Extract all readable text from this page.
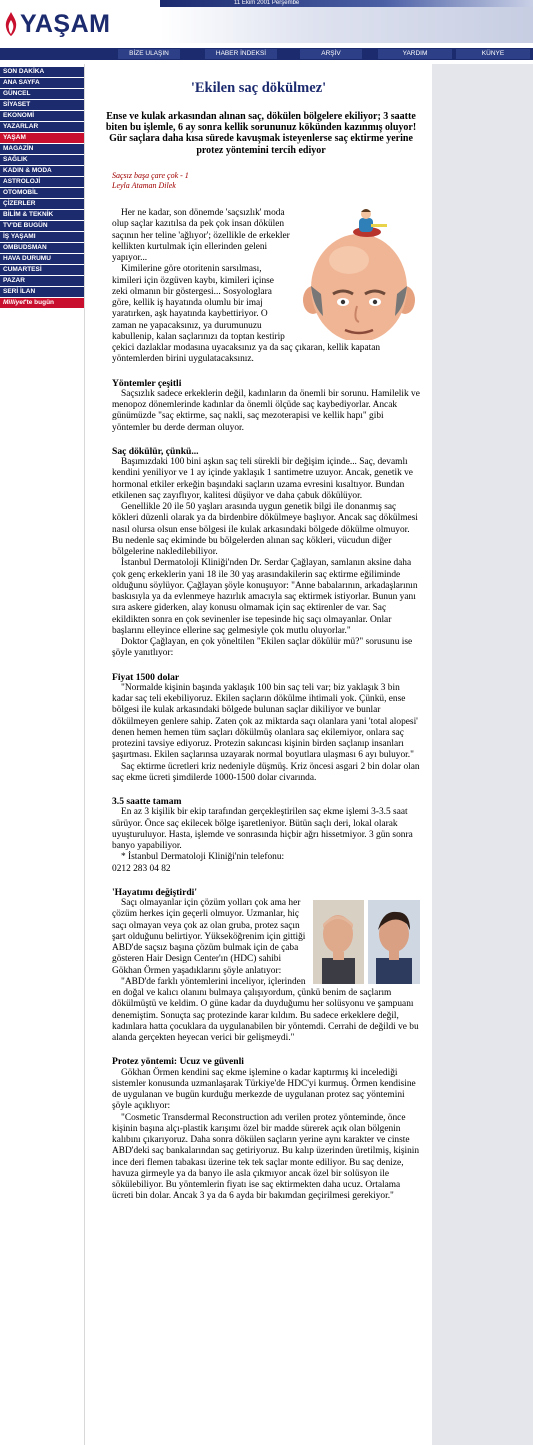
YAŞAM
11 Ekim 2001 Perşembe
BİZE ULAŞIN	HABER İNDEKSİ	ARŞİV	YARDIM	KÜNYE
SON DAKİKA
ANA SAYFA
GÜNCEL
SİYASET
EKONOMİ
YAZARLAR
YAŞAM
MAGAZİN
SAĞLIK
KADIN & MODA
ASTROLOJİ
OTOMOBİL
ÇİZERLER
BİLİM & TEKNİK
TV'DE BUGÜN
İŞ YAŞAMI
OMBUDSMAN
HAVA DURUMU
CUMARTESİ
PAZAR
SERİ İLAN
Milliyet'te bugün
'Ekilen saç dökülmez'

Ense ve kulak arkasından alınan saç, dökülen bölgelere ekiliyor; 3 saatte biten bu işlemle, 6 ay sonra kellik sorununuz kökünden kazınmış oluyor! Gür saçlara daha kısa sürede kavuşmak isteyenlerse saç ektirme yerine protez yöntemini tercih ediyor

Saçsız başa çare çok - 1
Leyla Ataman Dilek

Her ne kadar, son dönemde 'saçsızlık' moda olup saçlar kazıtılsa da pek çok insan dökülen saçının her teline 'ağlıyor'; özellikle de erkekler kellikten kurtulmak için ellerinden geleni yapıyor...

Kimilerine göre otoritenin sarsılması, kimileri için özgüven kaybı, kimileri içinse zeki olmanın bir göstergesi... Sosyologlara göre, kellik iş hayatında olumlu bir imaj yaratırken, aşk hayatında kaybettiriyor. O zaman ne yapacaksınız, ya durumunuzu kabullenip, kalan saçlarınızı da toptan kestirip çekici dazlaklar modasına uyacaksınız ya da saç çıkaran, kellik kapatan yöntemlerden birini uygulatacaksınız.

Yöntemler çeşitli

Saçsızlık sadece erkeklerin değil, kadınların da önemli bir sorunu. Hamilelik ve menopoz dönemlerinde kadınlar da önemli ölçüde saç kaybediyorlar. Ancak günümüzde "saç ektirme, saç nakli, saç mezoterapisi ve kellik hapı" gibi yöntemler bu derde derman oluyor.

Saç dökülür, çünkü...

Başımızdaki 100 bini aşkın saç teli sürekli bir değişim içinde... Saç, devamlı kendini yeniliyor ve 1 ay içinde yaklaşık 1 santimetre uzuyor. Ancak, genetik ve hormonal etkiler erkeğin başındaki saçların uzama evresini kısaltıyor. Bundan etkilenen saç zayıflıyor, kalitesi düşüyor ve daha çabuk dökülüyor.

Genellikle 20 ile 50 yaşları arasında uygun genetik bilgi ile donanmış saç kökleri düzenli olarak ya da birdenbire dökülmeye başlıyor. Ancak saç dökülmesi nasıl olursa olsun ense bölgesi ile kulak arkasındaki bölgede dökülme olmuyor. Bu nedenle saç ekiminde bu bölgelerden alınan saç kökleri, vücudun diğer bölgelerine nakledilebiliyor.

İstanbul Dermatoloji Kliniği'nden Dr. Serdar Çağlayan, samlanın aksine daha çok genç erkeklerin yani 18 ile 30 yaş arasındakilerin saç ektirme eğiliminde olduğunu söylüyor. Çağlayan şöyle konuşuyor: "Anne babalarının, arkadaşlarının baskısıyla ya da evlenmeye hazırlık amacıyla saç ektirmek istiyorlar. Bunun yanı sıra askere giderken, alay konusu olmamak için saç ektirenler de var. Saç ekildikten sonra en çok sevinenler ise tepesinde hiç saçı olmayanlar. Onlar başlarını elleyince ellerine saç gelmesiyle çok mutlu oluyorlar."

Doktor Çağlayan, en çok yöneltilen "Ekilen saçlar dökülür mü?" sorusunu ise şöyle yanıtlıyor:

Fiyat 1500 dolar

"Normalde kişinin başında yaklaşık 100 bin saç teli var; biz yaklaşık 3 bin kadar saç teli ekebiliyoruz. Ekilen saçların dökülme ihtimali yok. Çünkü, ense bölgesi ile kulak arkasındaki bölgede bulunan saçlar dikiliyor ve bunlar dökülmeyen genlere sahip. Zaten çok az miktarda saçı olanlara yani 'total alopesi' denen hemen hemen tüm saçları dökülmüş olanlara saç ekilemiyor, onlara saç protezini tavsiye ediyoruz. Protezin sakıncası kişinin birden saçlanıp insanları şaşırtması. Ekilen saçlarınsa uzayarak normal boyutlara ulaşması 6 ayı buluyor."

Saç ektirme ücretleri kriz nedeniyle düşmüş. Kriz öncesi asgari 2 bin dolar olan saç ekme ücreti şimdilerde 1000-1500 dolar civarında.

3.5 saatte tamam

En az 3 kişilik bir ekip tarafından gerçekleştirilen saç ekme işlemi 3-3.5 saat sürüyor. Önce saç ekilecek bölge işaretleniyor. Bütün saçlı deri, lokal olarak uyuşturuluyor. Hasta, işlemde ve sonrasında hiçbir ağrı hissetmiyor. 3 gün sonra banyo yapabiliyor.

* İstanbul Dermatoloji Kliniği'nin telefonu:

0212 283 04 82

'Hayatımı değiştirdi'

Saçı olmayanlar için çözüm yolları çok ama her çözüm herkes için geçerli olmuyor. Uzmanlar, hiç saçı olmayan veya çok az olan gruba, protez saçın şart olduğunu belirtiyor. Yükseköğrenim için gittiği ABD'de saçsız başına çözüm bulmak için de çaba gösteren Hair Design Center'ın (HDC) sahibi Gökhan Örmen yaşadıklarını şöyle anlatıyor:

"ABD'de farklı yöntemlerini inceliyor, içlerinden en doğal ve kalıcı olanını bulmaya çalışıyordum, çünkü benim de saçlarım dökülmüştü ve keldim. O güne kadar da duyduğumu her solüsyonu ve şampuanı denemiştim. Sonuçta saç protezinde karar kıldım. Bu sadece erkeklere değil, kadınlara hatta çocuklara da uygulanabilen bir yöntemdi. Cerrahi de değildi ve bu alanda gerçekten heyecan verici bir gelişmeydi."

Protez yöntemi: Ucuz ve güvenli

Gökhan Örmen kendini saç ekme işlemine o kadar kaptırmış ki incelediği sistemler konusunda uzmanlaşarak Türkiye'de HDC'yi kurmuş. Örmen kendisine de uygulanan ve bugün kurduğu merkezde de uygulanan protez saç yöntemini şöyle açıklıyor:

"Cosmetic Transdermal Reconstruction adı verilen protez yönteminde, önce kişinin başına alçı-plastik karışımı özel bir madde sürerek açık olan bölgenin kalıbını çıkarıyoruz. Daha sonra dökülen saçların yerine aynı karakter ve cinste ABD'deki saç bankalarından saç getiriyoruz. Bu kalıp üzerinden üretilmiş, kişinin ince deri flemen tabakası üzerine tek tek saçlar monte ediliyor. Bu saç denize, havuza girmeyle ya da banyo ile asla çıkmıyor ancak özel bir solüsyon ile sökülebiliyor. Bu yöntemlerin fiyatı ise saç ektirmekten daha ucuz. Ortalama ücreti bin dolar. Ancak 3 ya da 6 ayda bir bakımdan geçirilmesi gerekiyor."
